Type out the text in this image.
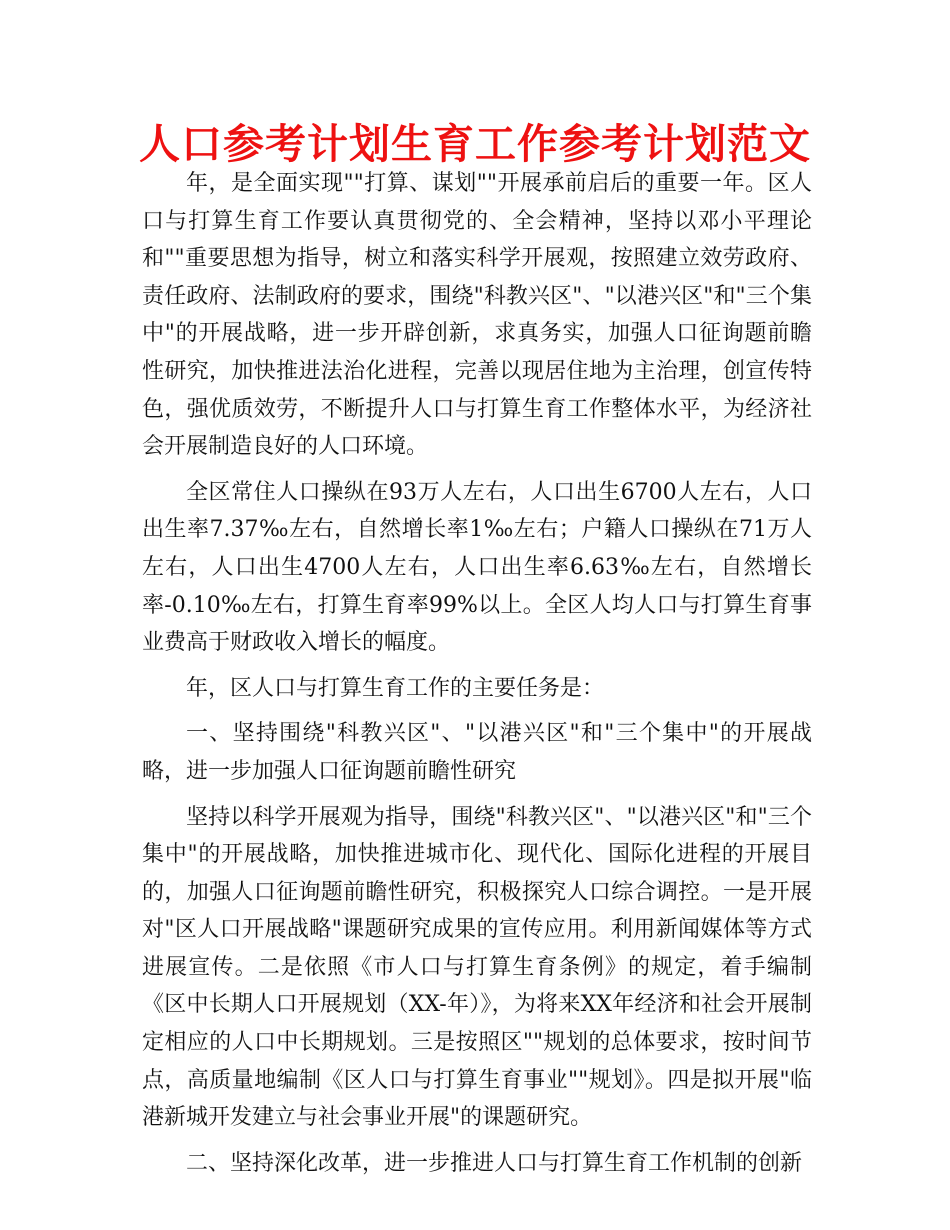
人口参考计划生育工作参考计划范文

年，是全面实现""打算、谋划""开展承前启后的重要一年。区人口与打算生育工作要认真贯彻党的、全会精神，坚持以邓小平理论和""重要思想为指导，树立和落实科学开展观，按照建立效劳政府、责任政府、法制政府的要求，围绕"科教兴区"、"以港兴区"和"三个集中"的开展战略，进一步开辟创新，求真务实，加强人口征询题前瞻性研究，加快推进法治化进程，完善以现居住地为主治理，创宣传特色，强优质效劳，不断提升人口与打算生育工作整体水平，为经济社会开展制造良好的人口环境。

全区常住人口操纵在93万人左右，人口出生6700人左右，人口出生率7.37‰左右，自然增长率1‰左右；户籍人口操纵在71万人左右，人口出生4700人左右，人口出生率6.63‰左右，自然增长率-0.10‰左右，打算生育率99%以上。全区人均人口与打算生育事业费高于财政收入增长的幅度。

年，区人口与打算生育工作的主要任务是：

一、坚持围绕"科教兴区"、"以港兴区"和"三个集中"的开展战略，进一步加强人口征询题前瞻性研究

坚持以科学开展观为指导，围绕"科教兴区"、"以港兴区"和"三个集中"的开展战略，加快推进城市化、现代化、国际化进程的开展目的，加强人口征询题前瞻性研究，积极探究人口综合调控。一是开展对"区人口开展战略"课题研究成果的宣传应用。利用新闻媒体等方式进展宣传。二是依照《市人口与打算生育条例》的规定，着手编制《区中长期人口开展规划（XX-年）》，为将来XX年经济和社会开展制定相应的人口中长期规划。三是按照区""规划的总体要求，按时间节点，高质量地编制《区人口与打算生育事业""规划》。四是拟开展"临港新城开发建立与社会事业开展"的课题研究。

二、坚持深化改革，进一步推进人口与打算生育工作机制的创新
